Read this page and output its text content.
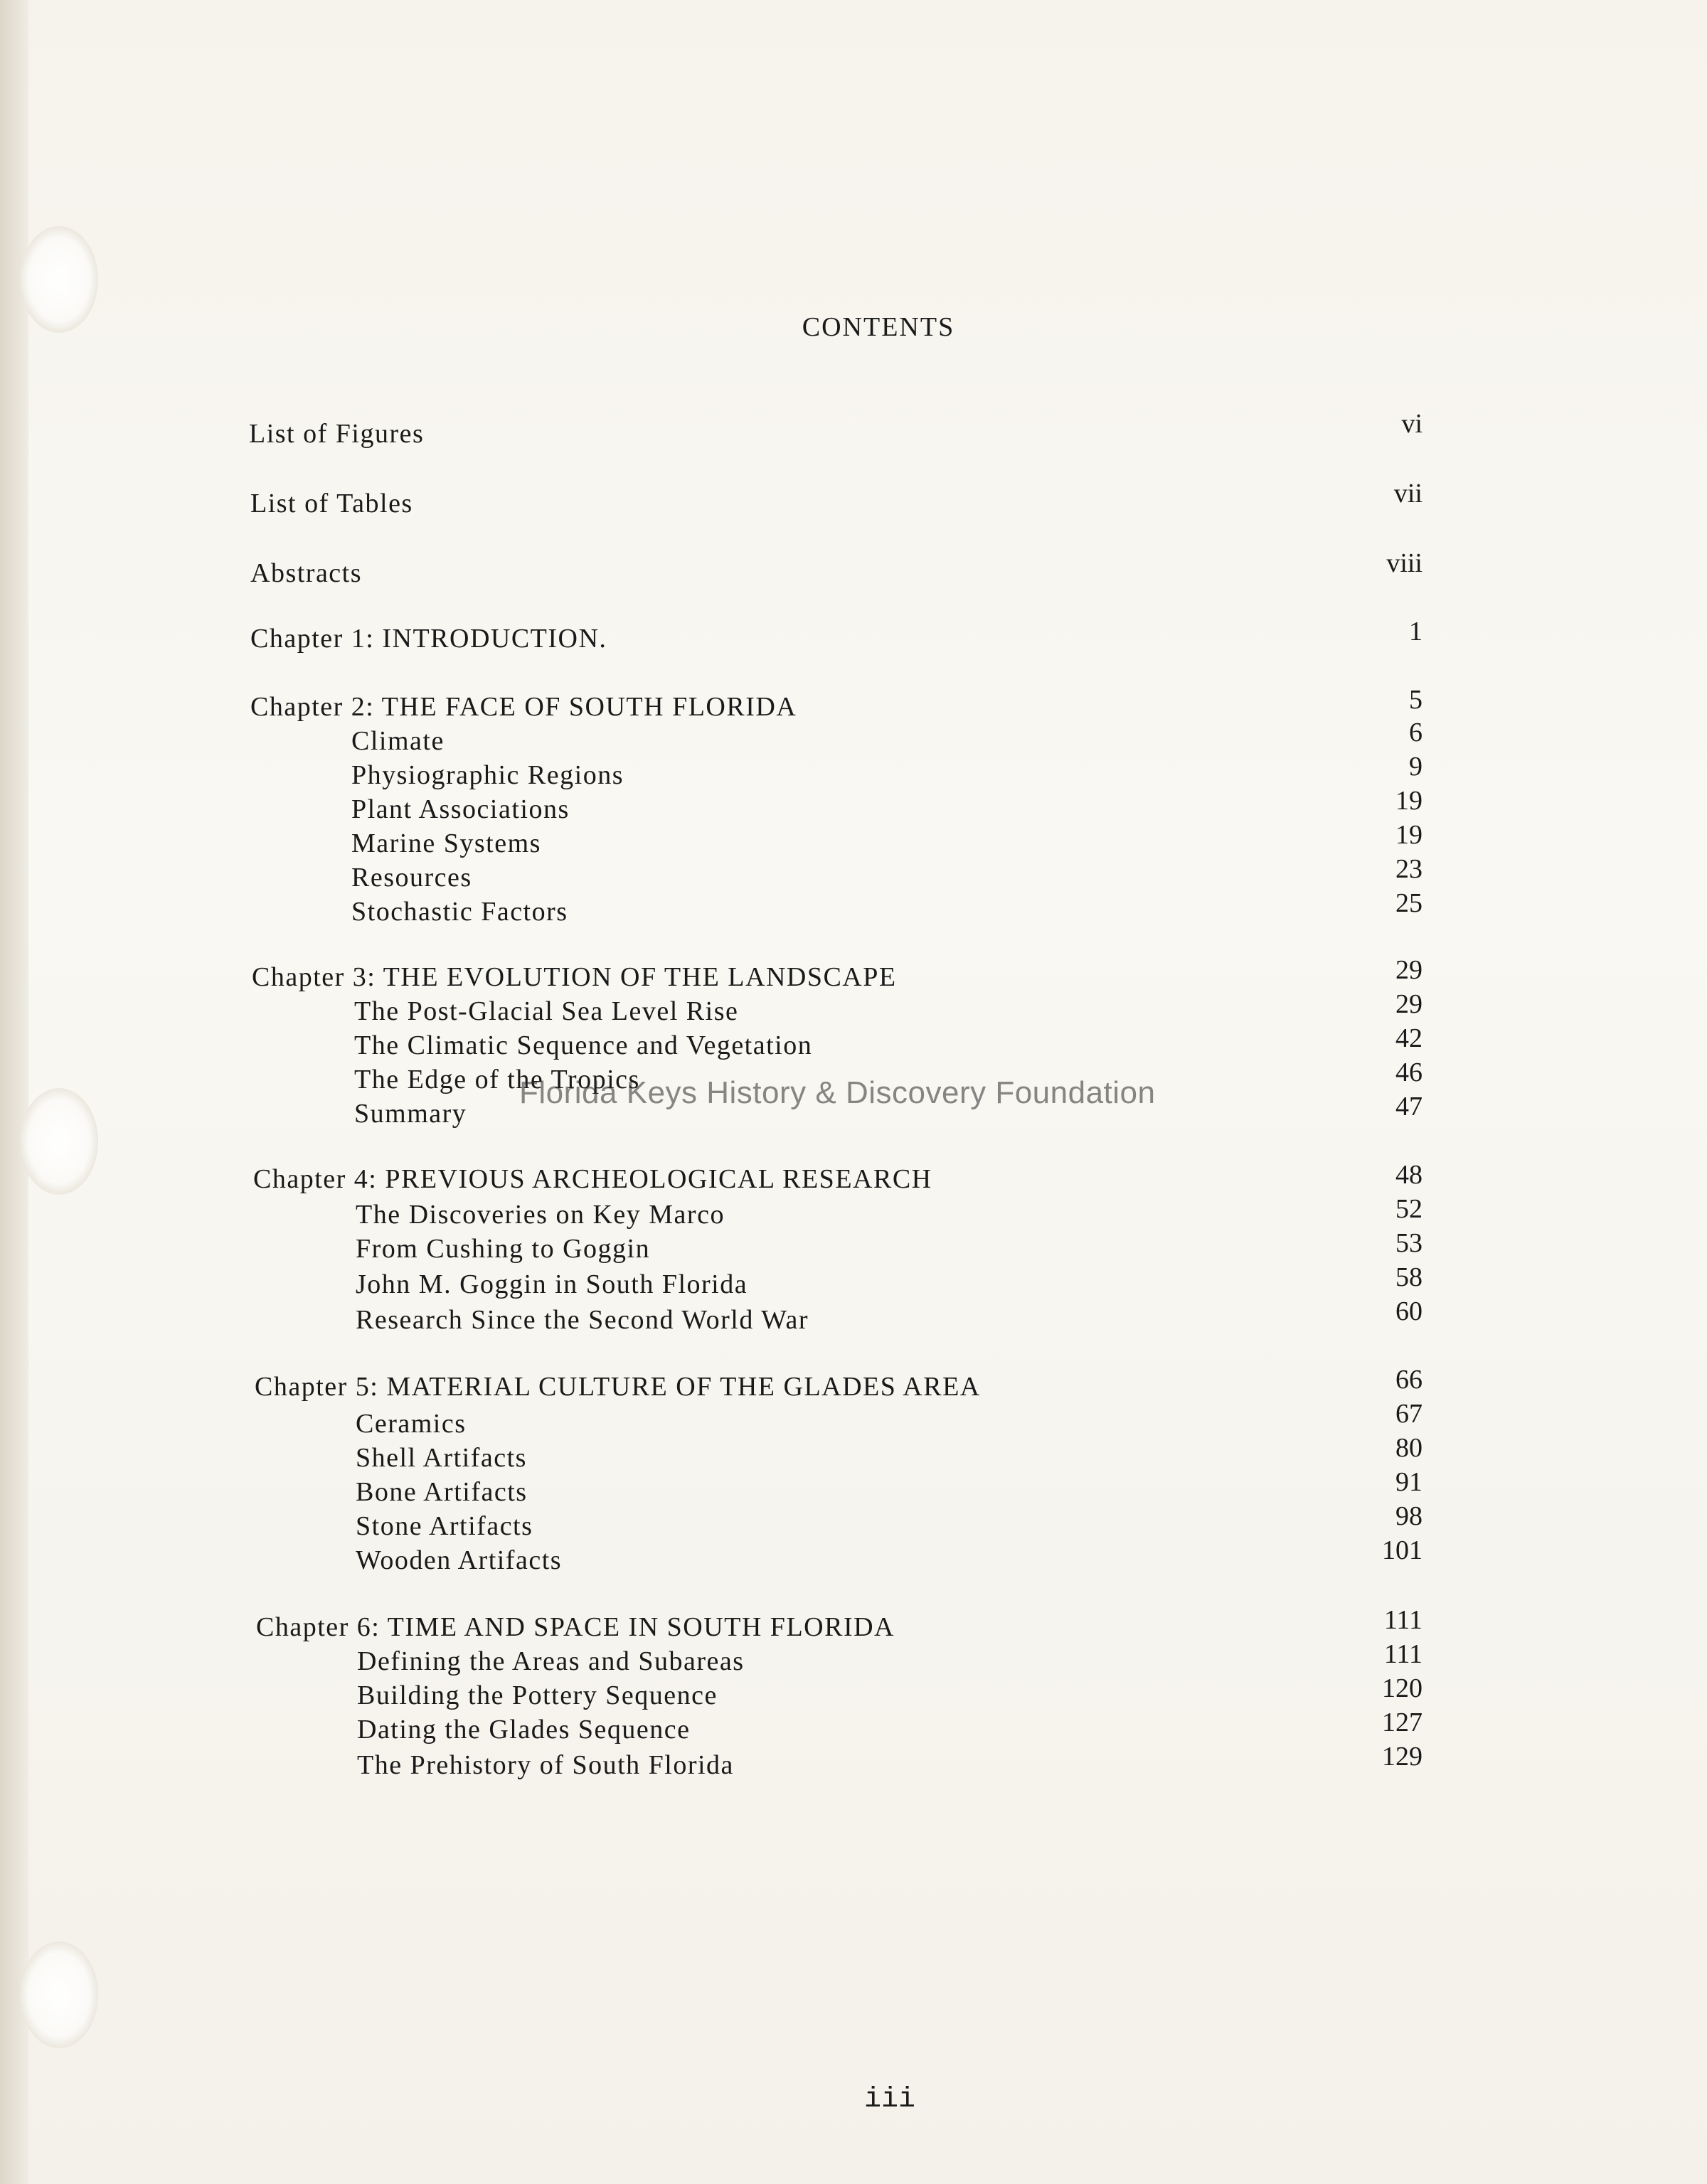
CONTENTS
List of Figures	vi
List of Tables	vii
Abstracts	viii
Chapter 1: INTRODUCTION.	1
Chapter 2: THE FACE OF SOUTH FLORIDA	5
Climate	6
Physiographic Regions	9
Plant Associations	19
Marine Systems	19
Resources	23
Stochastic Factors	25
Chapter 3: THE EVOLUTION OF THE LANDSCAPE	29
The Post-Glacial Sea Level Rise	29
The Climatic Sequence and Vegetation	42
The Edge of the Tropics	46
Summary	47
Chapter 4: PREVIOUS ARCHEOLOGICAL RESEARCH	48
The Discoveries on Key Marco	52
From Cushing to Goggin	53
John M. Goggin in South Florida	58
Research Since the Second World War	60
Chapter 5: MATERIAL CULTURE OF THE GLADES AREA	66
Ceramics	67
Shell Artifacts	80
Bone Artifacts	91
Stone Artifacts	98
Wooden Artifacts	101
Chapter 6: TIME AND SPACE IN SOUTH FLORIDA	111
Defining the Areas and Subareas	111
Building the Pottery Sequence	120
Dating the Glades Sequence	127
The Prehistory of South Florida	129
Florida Keys History & Discovery Foundation
iii
